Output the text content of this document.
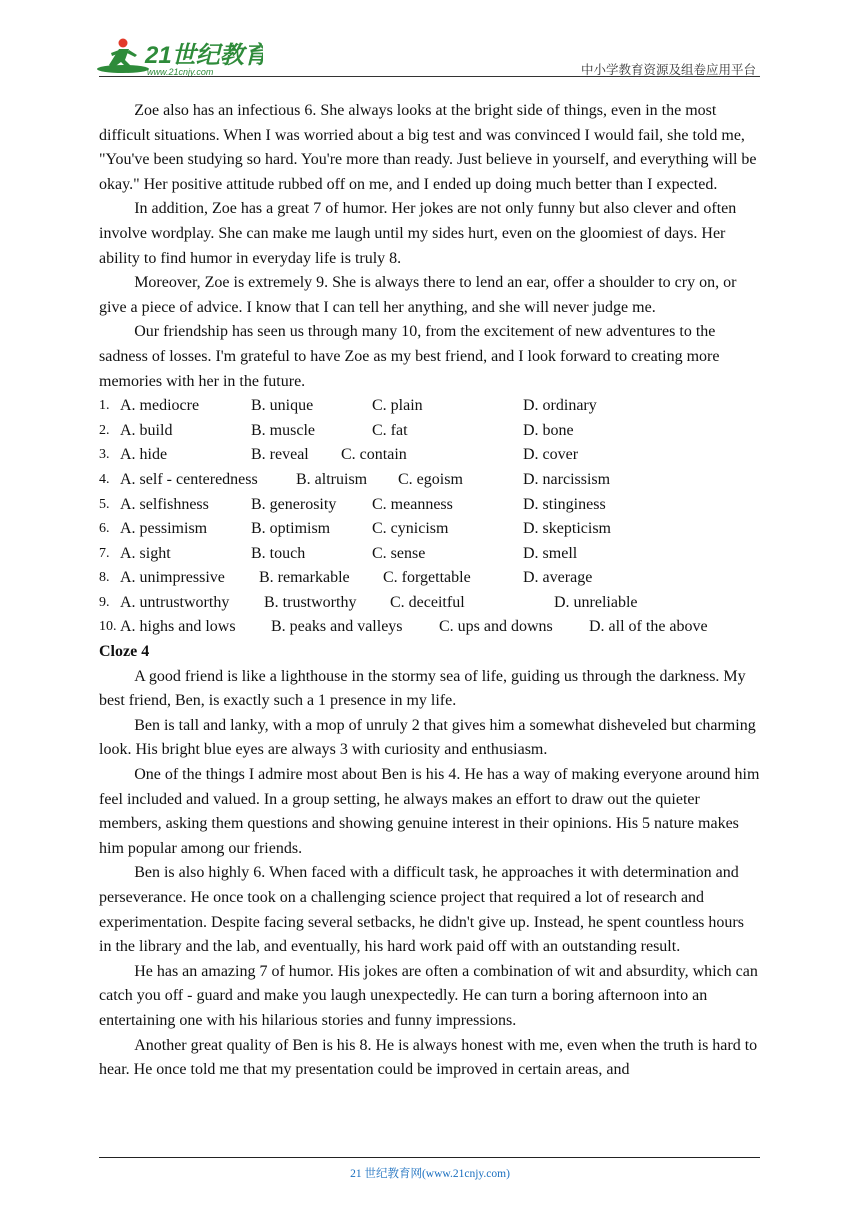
21世纪教育
www.21cnjy.com	中小学教育资源及组卷应用平台

Zoe also has an infectious 6. She always looks at the bright side of things, even in the most difficult situations. When I was worried about a big test and was convinced I would fail, she told me, "You've been studying so hard. You're more than ready. Just believe in yourself, and everything will be okay." Her positive attitude rubbed off on me, and I ended up doing much better than I expected.

In addition, Zoe has a great 7 of humor. Her jokes are not only funny but also clever and often involve wordplay. She can make me laugh until my sides hurt, even on the gloomiest of days. Her ability to find humor in everyday life is truly 8.

Moreover, Zoe is extremely 9. She is always there to lend an ear, offer a shoulder to cry on, or give a piece of advice. I know that I can tell her anything, and she will never judge me.

Our friendship has seen us through many 10, from the excitement of new adventures to the sadness of losses. I'm grateful to have Zoe as my best friend, and I look forward to creating more memories with her in the future.

1. A. mediocre	B. unique	C. plain	D. ordinary
2. A. build	B. muscle	C. fat	D. bone
3. A. hide	B. reveal C. contain	D. cover
4. A. self - centeredness B. altruism C. egoism	D. narcissism
5. A. selfishness	B. generosity C. meanness	D. stinginess
6. A. pessimism	B. optimism	C. cynicism	D. skepticism
7. A. sight	B. touch	C. sense	D. smell
8. A. unimpressive B. remarkable C. forgettable	D. average
9. A. untrustworthy B. trustworthy C. deceitful	D. unreliable
10. A. highs and lows B. peaks and valleys C. ups and downs D. all of the above

Cloze 4

A good friend is like a lighthouse in the stormy sea of life, guiding us through the darkness. My best friend, Ben, is exactly such a 1 presence in my life.

Ben is tall and lanky, with a mop of unruly 2 that gives him a somewhat disheveled but charming look. His bright blue eyes are always 3 with curiosity and enthusiasm.

One of the things I admire most about Ben is his 4. He has a way of making everyone around him feel included and valued. In a group setting, he always makes an effort to draw out the quieter members, asking them questions and showing genuine interest in their opinions. His 5 nature makes him popular among our friends.

Ben is also highly 6. When faced with a difficult task, he approaches it with determination and perseverance. He once took on a challenging science project that required a lot of research and experimentation. Despite facing several setbacks, he didn't give up. Instead, he spent countless hours in the library and the lab, and eventually, his hard work paid off with an outstanding result.

He has an amazing 7 of humor. His jokes are often a combination of wit and absurdity, which can catch you off - guard and make you laugh unexpectedly. He can turn a boring afternoon into an entertaining one with his hilarious stories and funny impressions.

Another great quality of Ben is his 8. He is always honest with me, even when the truth is hard to hear. He once told me that my presentation could be improved in certain areas, and

21 世纪教育网(www.21cnjy.com)
